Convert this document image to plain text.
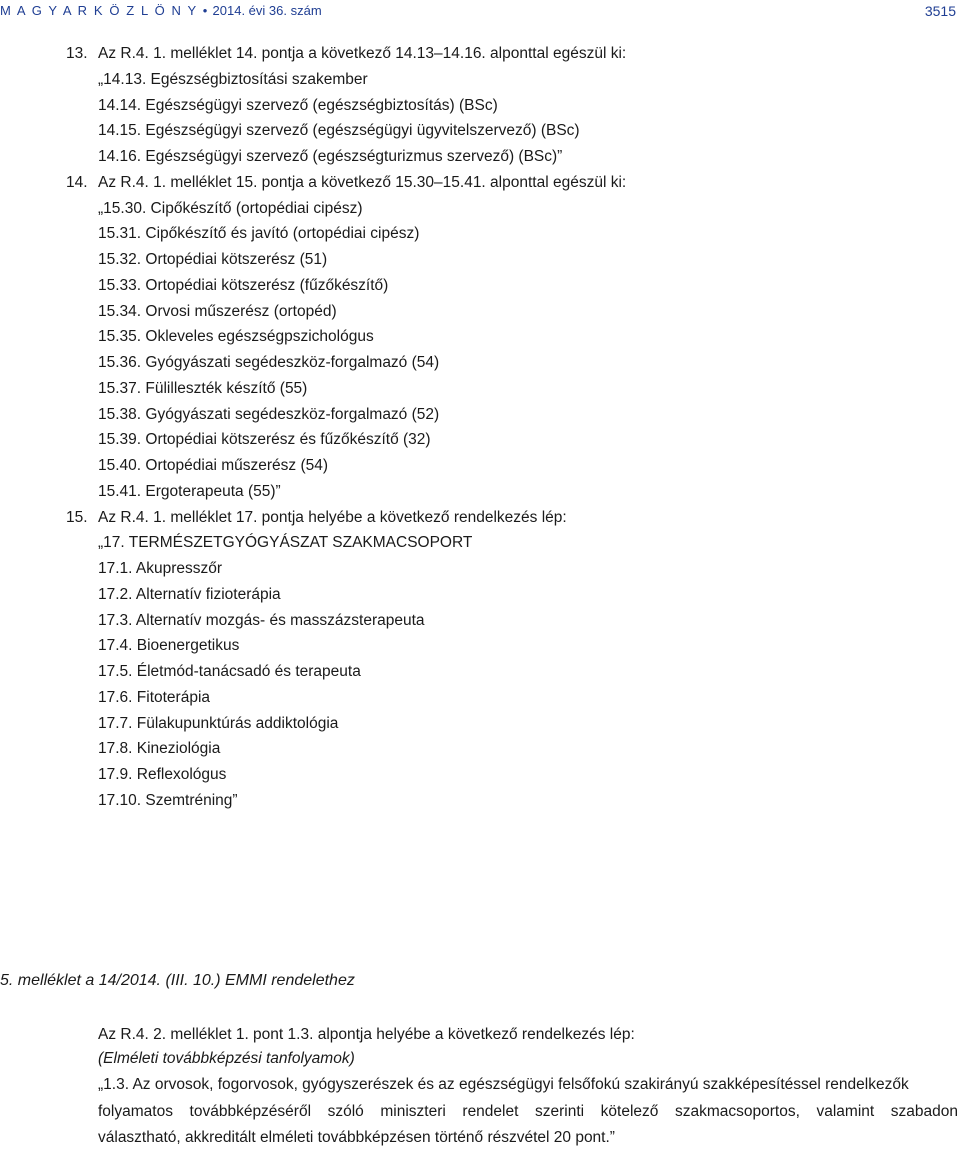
M A G Y A R K Ö Z L Ö N Y • 2014. évi 36. szám	3515
13. Az R.4. 1. melléklet 14. pontja a következő 14.13–14.16. alponttal egészül ki:
„14.13. Egészségbiztosítási szakember
14.14. Egészségügyi szervező (egészségbiztosítás) (BSc)
14.15. Egészségügyi szervező (egészségügyi ügyvitelszervező) (BSc)
14.16. Egészségügyi szervező (egészségturizmus szervező) (BSc)”
14. Az R.4. 1. melléklet 15. pontja a következő 15.30–15.41. alponttal egészül ki:
„15.30. Cipőkészítő (ortopédiai cipész)
15.31. Cipőkészítő és javító (ortopédiai cipész)
15.32. Ortopédiai kötszerész (51)
15.33. Ortopédiai kötszerész (fűzőkészítő)
15.34. Orvosi műszerész (ortopéd)
15.35. Okleveles egészségpszichológus
15.36. Gyógyászati segédeszköz-forgalmazó (54)
15.37. Fülilleszték készítő (55)
15.38. Gyógyászati segédeszköz-forgalmazó (52)
15.39. Ortopédiai kötszerész és fűzőkészítő (32)
15.40. Ortopédiai műszerész (54)
15.41. Ergoterapeuta (55)”
15. Az R.4. 1. melléklet 17. pontja helyébe a következő rendelkezés lép:
„17. TERMÉSZETGYÓGYÁSZAT SZAKMACSOPORT
17.1. Akupresszőr
17.2. Alternatív fizioterápia
17.3. Alternatív mozgás- és masszázsterapeuta
17.4. Bioenergetikus
17.5. Életmód-tanácsadó és terapeuta
17.6. Fitoterápia
17.7. Fülakupunktúrás addiktológia
17.8. Kineziológia
17.9. Reflexológus
17.10. Szemtréning”
5. melléklet a 14/2014. (III. 10.) EMMI rendelethez
Az R.4. 2. melléklet 1. pont 1.3. alpontja helyébe a következő rendelkezés lép:
(Elméleti továbbképzési tanfolyamok)
„1.3. Az orvosok, fogorvosok, gyógyszerészek és az egészségügyi felsőfokú szakirányú szakképesítéssel rendelkezők
folyamatos továbbképzéséről szóló miniszteri rendelet szerinti kötelező szakmacsoportos, valamint szabadon
választható, akkreditált elméleti továbbképzésen történő részvétel 20 pont.”
